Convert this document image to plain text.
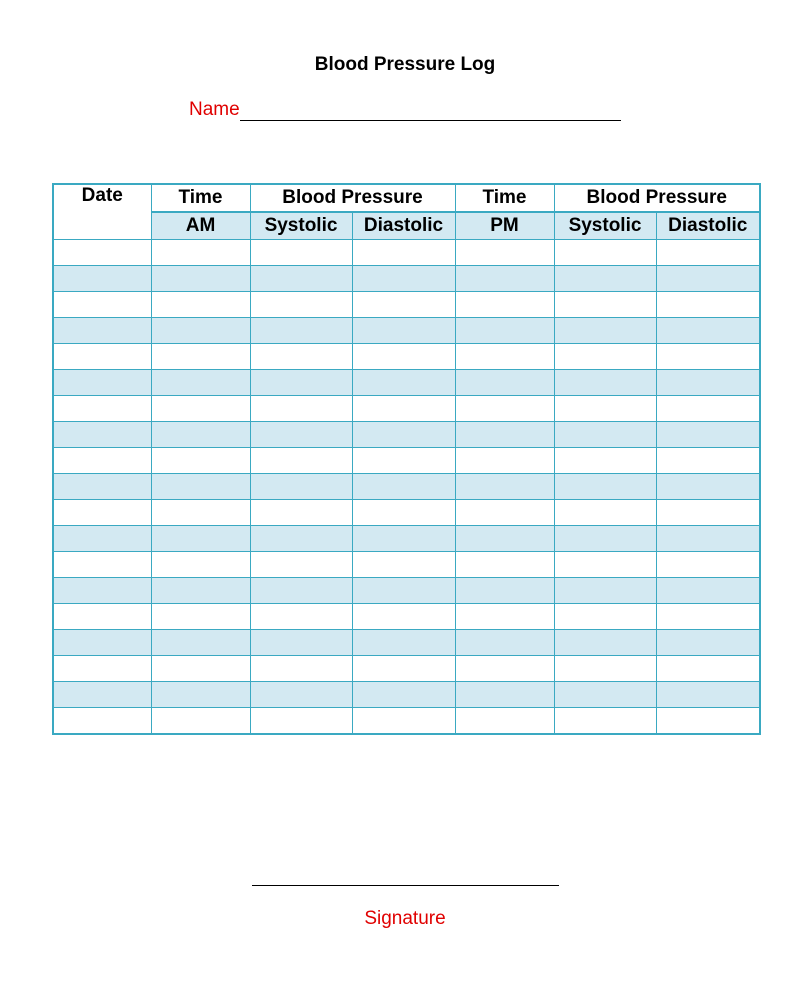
Blood Pressure Log
Name
Date	Time	Blood Pressure		Time	Blood Pressure	
	AM	Systolic	Diastolic	PM	Systolic	Diastolic

Signature
